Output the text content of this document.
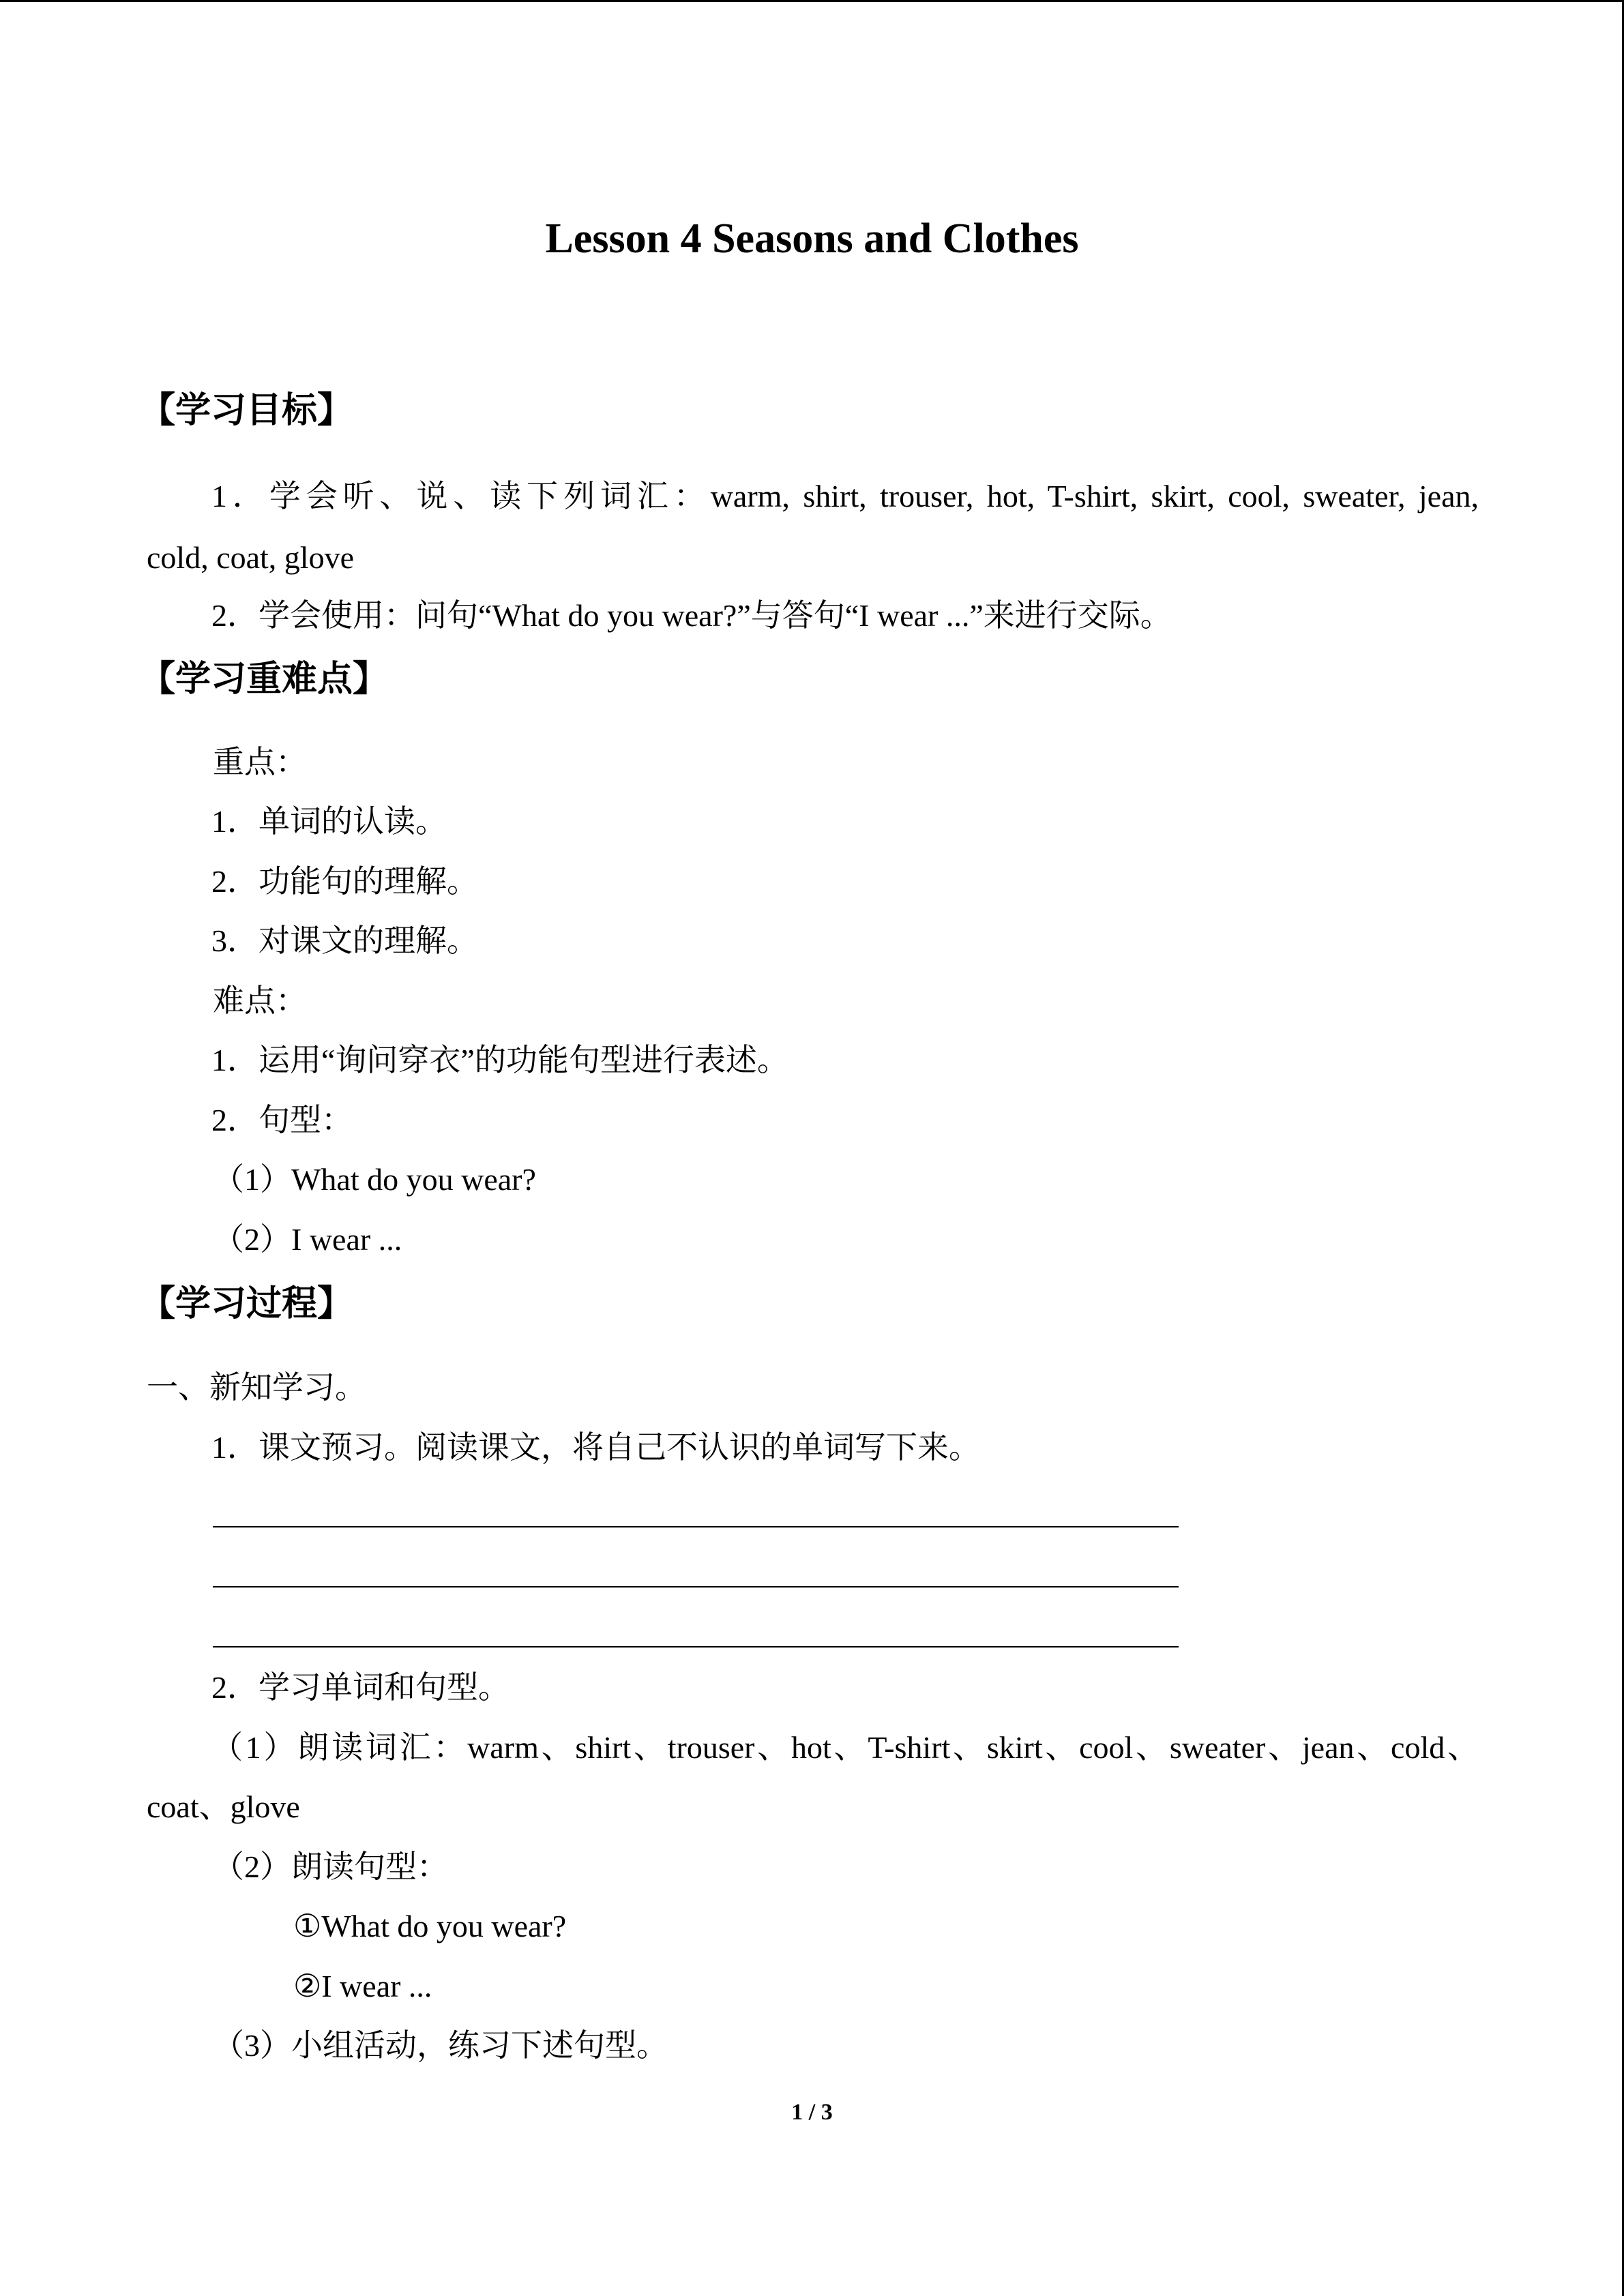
Lesson 4 Seasons and Clothes
【学习目标】
1．学会听、说、读下列词汇：warm, shirt, trouser, hot, T-shirt, skirt, cool, sweater, jean,
cold, coat, glove
2．学会使用：问句“What do you wear?”与答句“I wear ...”来进行交际。
【学习重难点】
重点：
1．单词的认读。
2．功能句的理解。
3．对课文的理解。
难点：
1．运用“询问穿衣”的功能句型进行表述。
2．句型：
（1）What do you wear?
（2）I wear ...
【学习过程】
一、新知学习。
1．课文预习。阅读课文，将自己不认识的单词写下来。
2．学习单词和句型。
（1）朗读词汇：warm、shirt、trouser、hot、T-shirt、skirt、cool、sweater、jean、cold、
coat、glove
（2）朗读句型：
①What do you wear?
②I wear ...
（3）小组活动，练习下述句型。
1 / 3
